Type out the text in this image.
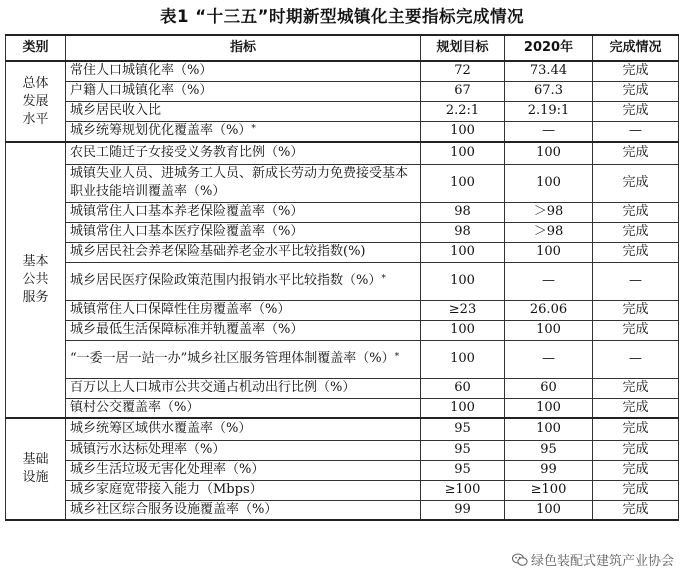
表1 “十三五”时期新型城镇化主要指标完成情况
类别	指标	规划目标	2020年	完成情况
总体
发展
水平	常住人口城镇化率（%）	72	73.44	完成
	户籍人口城镇化率（%）	67	67.3	完成
	城乡居民收入比	2.2:1	2.19:1	完成
	城乡统筹规划优化覆盖率（%）*	100	—	—
基本
公共
服务	农民工随迁子女接受义务教育比例（%）	100	100	完成
	城镇失业人员、进城务工人员、新成长劳动力免费接受基本职业技能培训覆盖率（%）	100	100	完成
	城镇常住人口基本养老保险覆盖率（%）	98	＞98	完成
	城镇常住人口基本医疗保险覆盖率（%）	98	＞98	完成
	城乡居民社会养老保险基础养老金水平比较指数(%)	100	100	完成
	城乡居民医疗保险政策范围内报销水平比较指数（%）*	100	—	—
	城镇常住人口保障性住房覆盖率（%）	≥23	26.06	完成
	城乡最低生活保障标准并轨覆盖率（%）	100	100	完成
	“一委一居一站一办”城乡社区服务管理体制覆盖率（%）*	100	—	—
	百万以上人口城市公共交通占机动出行比例（%）	60	60	完成
	镇村公交覆盖率（%）	100	100	完成
基础
设施	城乡统筹区域供水覆盖率（%）	95	100	完成
	城镇污水达标处理率（%）	95	95	完成
	城乡生活垃圾无害化处理率（%）	95	99	完成
	城乡家庭宽带接入能力（Mbps）	≥100	≥100	完成
	城乡社区综合服务设施覆盖率（%）	99	100	完成
绿色装配式建筑产业协会
